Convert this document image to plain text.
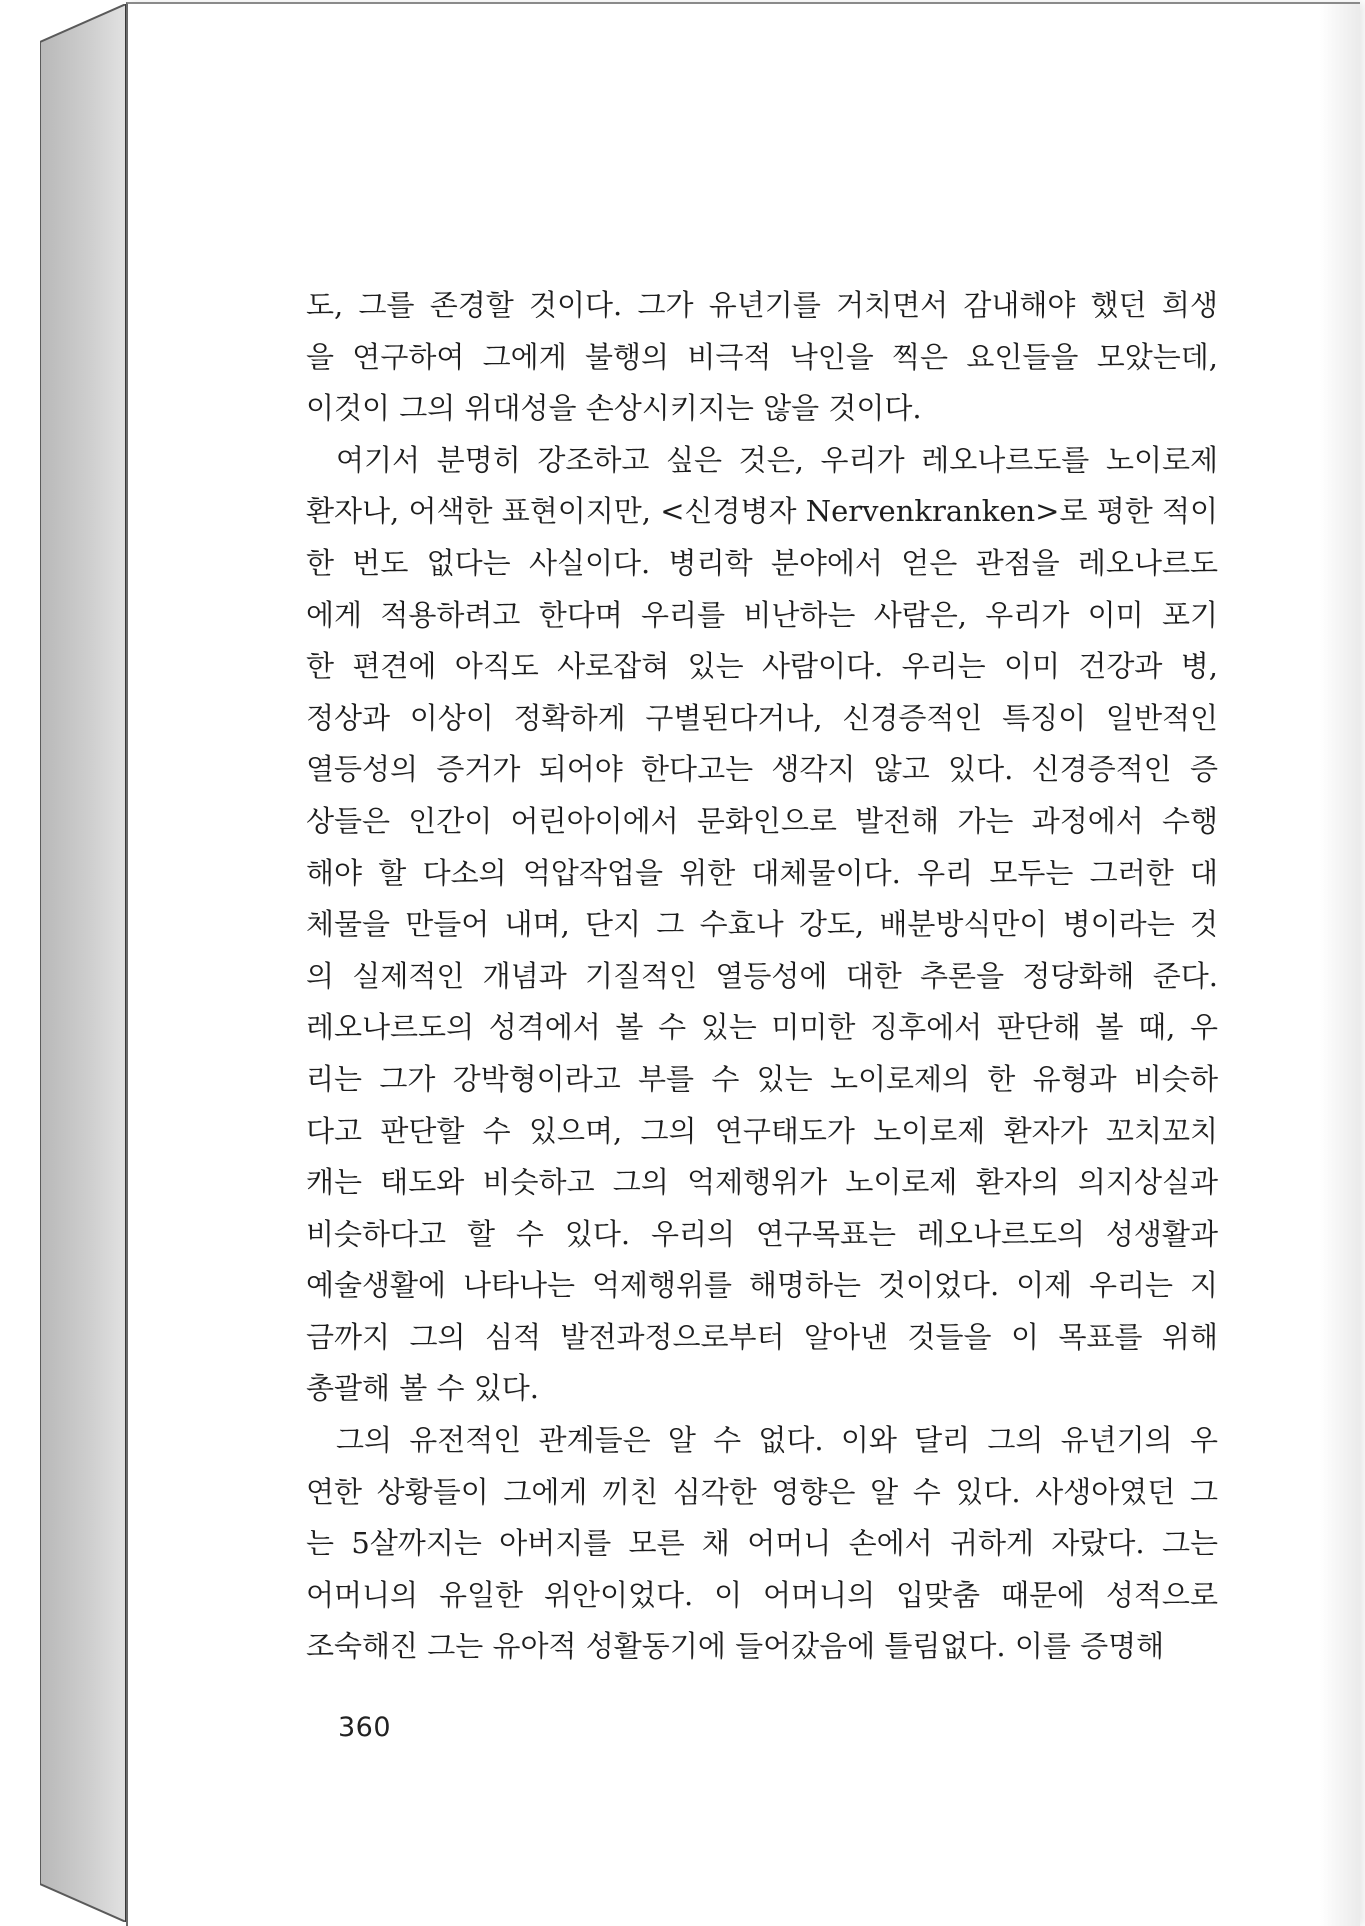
도, 그를 존경할 것이다. 그가 유년기를 거치면서 감내해야 했던 희생
을 연구하여 그에게 불행의 비극적 낙인을 찍은 요인들을 모았는데,
이것이 그의 위대성을 손상시키지는 않을 것이다.
여기서 분명히 강조하고 싶은 것은, 우리가 레오나르도를 노이로제
환자나, 어색한 표현이지만, <신경병자 Nervenkranken>로 평한 적이
한 번도 없다는 사실이다. 병리학 분야에서 얻은 관점을 레오나르도
에게 적용하려고 한다며 우리를 비난하는 사람은, 우리가 이미 포기
한 편견에 아직도 사로잡혀 있는 사람이다. 우리는 이미 건강과 병,
정상과 이상이 정확하게 구별된다거나, 신경증적인 특징이 일반적인
열등성의 증거가 되어야 한다고는 생각지 않고 있다. 신경증적인 증
상들은 인간이 어린아이에서 문화인으로 발전해 가는 과정에서 수행
해야 할 다소의 억압작업을 위한 대체물이다. 우리 모두는 그러한 대
체물을 만들어 내며, 단지 그 수효나 강도, 배분방식만이 병이라는 것
의 실제적인 개념과 기질적인 열등성에 대한 추론을 정당화해 준다.
레오나르도의 성격에서 볼 수 있는 미미한 징후에서 판단해 볼 때, 우
리는 그가 강박형이라고 부를 수 있는 노이로제의 한 유형과 비슷하
다고 판단할 수 있으며, 그의 연구태도가 노이로제 환자가 꼬치꼬치
캐는 태도와 비슷하고 그의 억제행위가 노이로제 환자의 의지상실과
비슷하다고 할 수 있다. 우리의 연구목표는 레오나르도의 성생활과
예술생활에 나타나는 억제행위를 해명하는 것이었다. 이제 우리는 지
금까지 그의 심적 발전과정으로부터 알아낸 것들을 이 목표를 위해
총괄해 볼 수 있다.
그의 유전적인 관계들은 알 수 없다. 이와 달리 그의 유년기의 우
연한 상황들이 그에게 끼친 심각한 영향은 알 수 있다. 사생아였던 그
는 5살까지는 아버지를 모른 채 어머니 손에서 귀하게 자랐다. 그는
어머니의 유일한 위안이었다. 이 어머니의 입맞춤 때문에 성적으로
조숙해진 그는 유아적 성활동기에 들어갔음에 틀림없다. 이를 증명해
360
